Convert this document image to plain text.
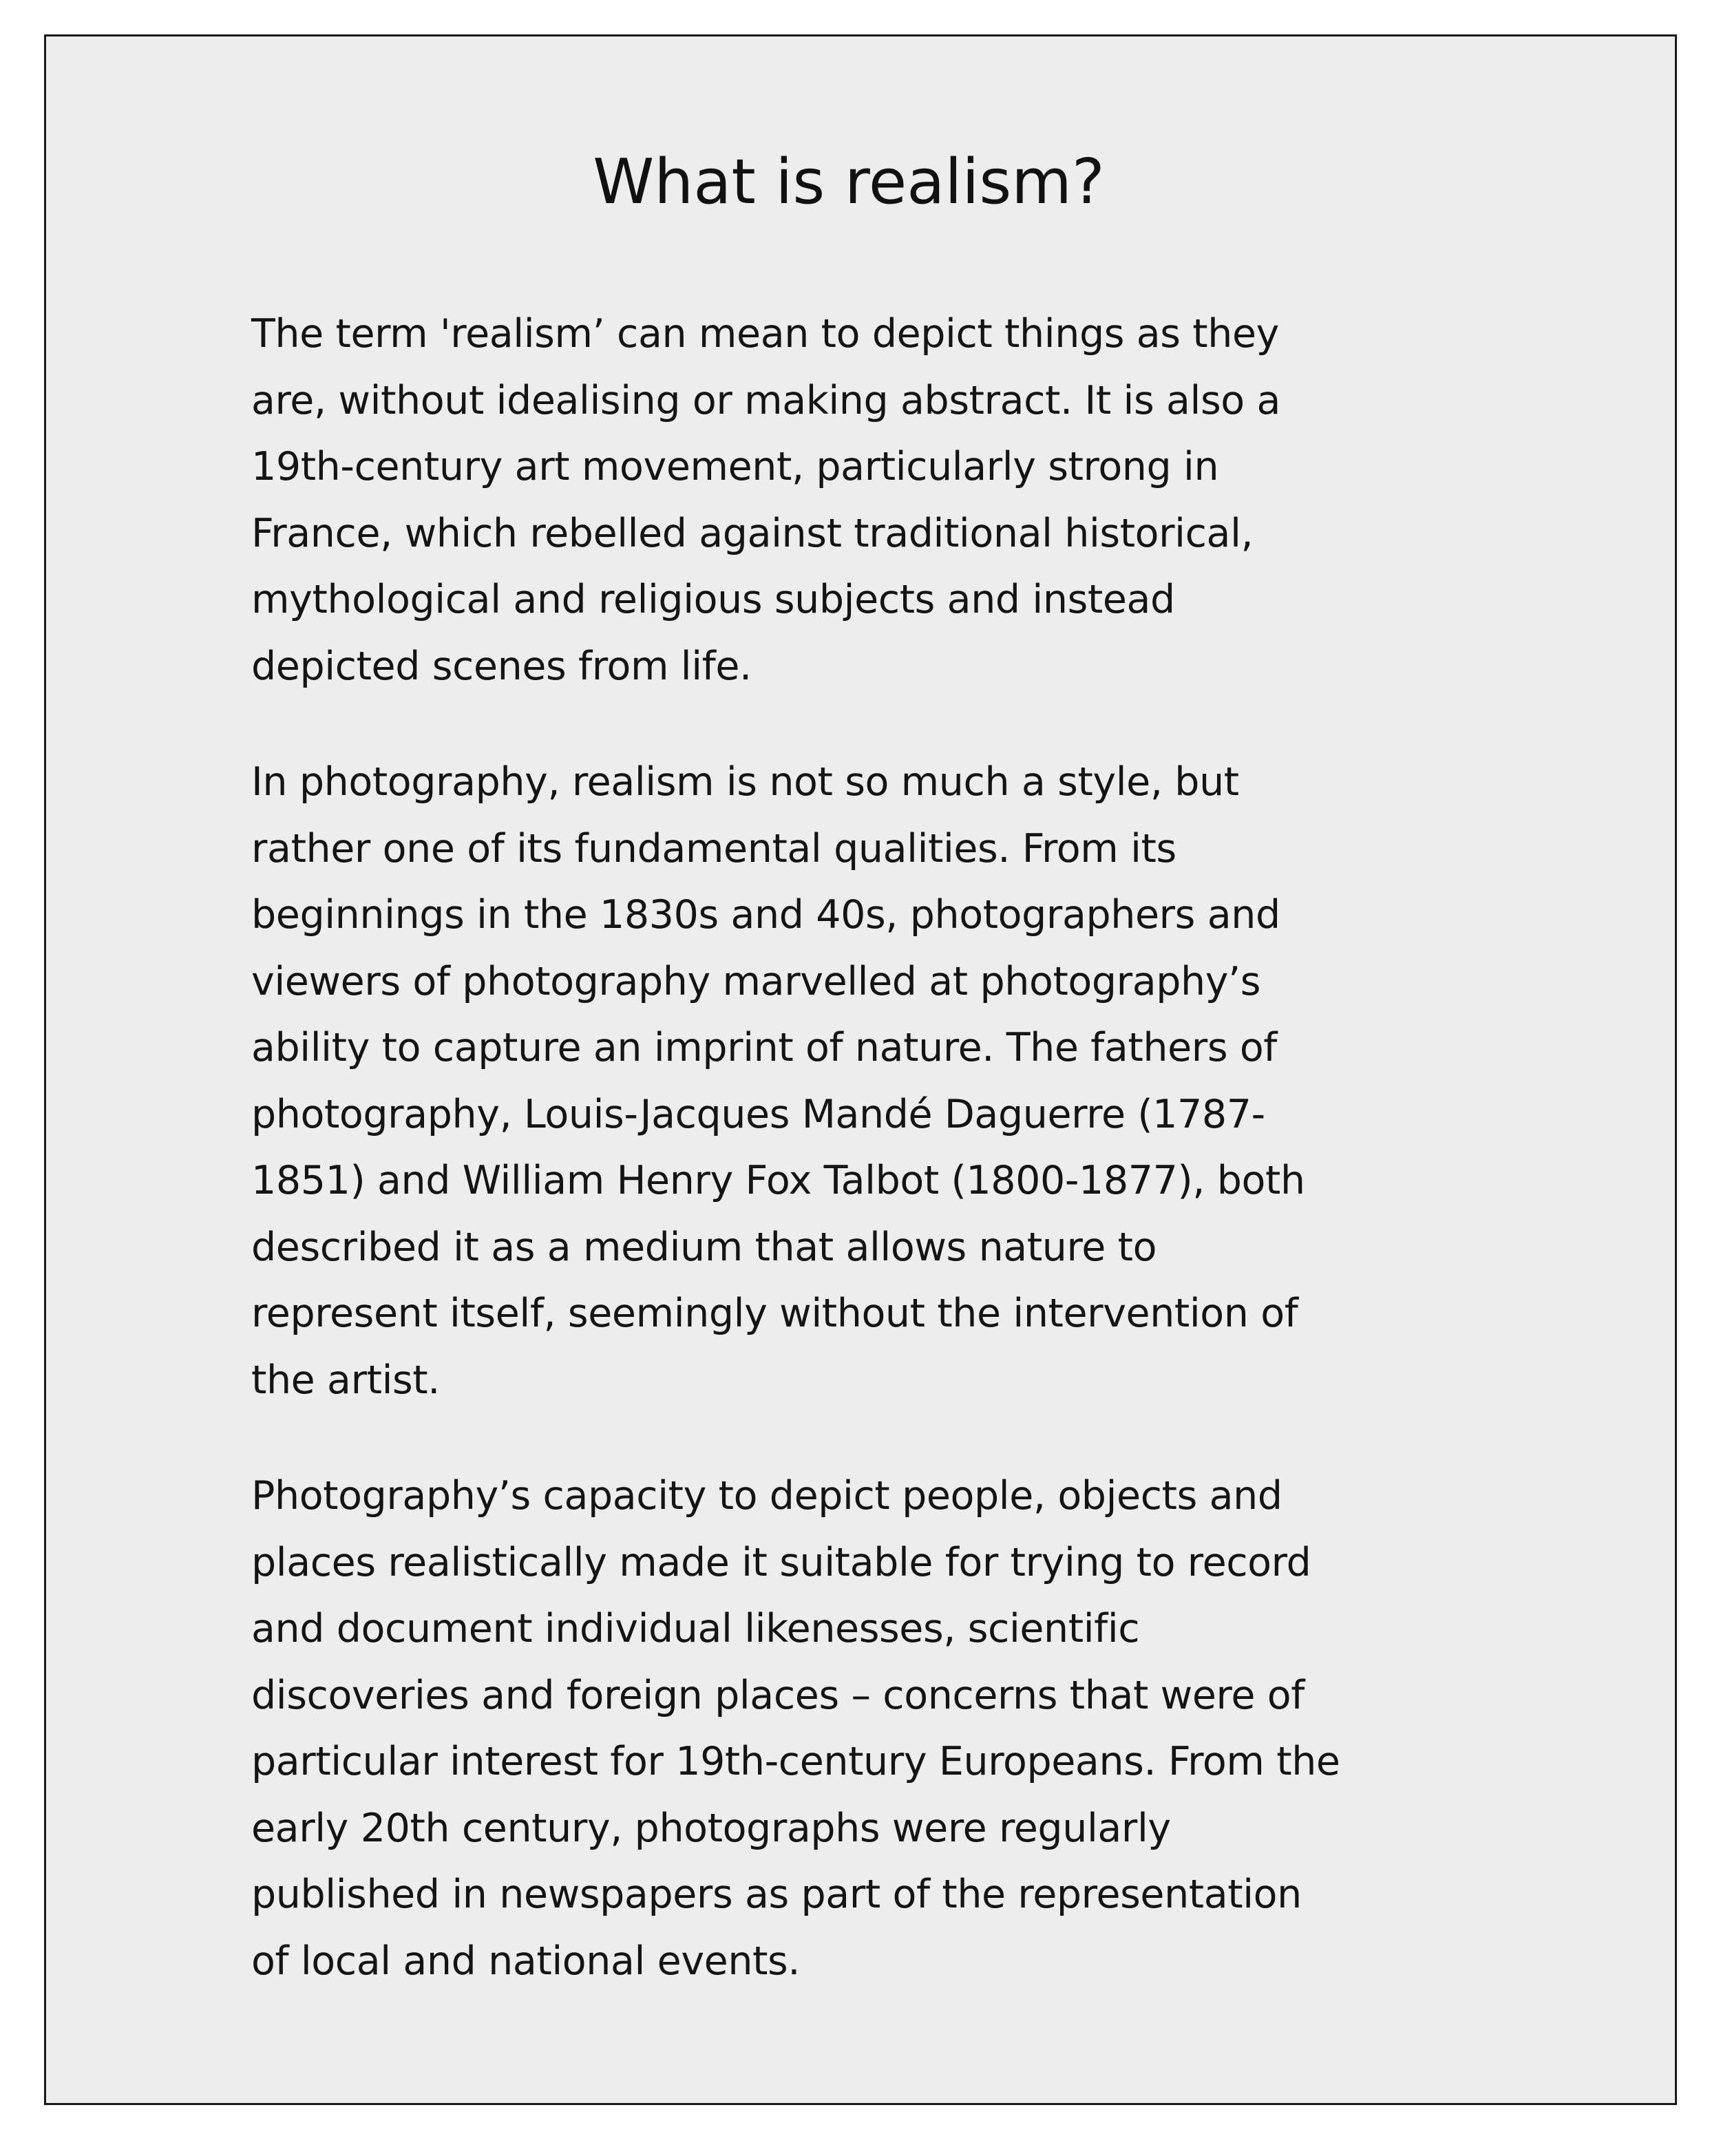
What is realism?

The term 'realism’ can mean to depict things as they
are, without idealising or making abstract. It is also a
19th-century art movement, particularly strong in
France, which rebelled against traditional historical,
mythological and religious subjects and instead
depicted scenes from life.

In photography, realism is not so much a style, but
rather one of its fundamental qualities. From its
beginnings in the 1830s and 40s, photographers and
viewers of photography marvelled at photography’s
ability to capture an imprint of nature. The fathers of
photography, Louis-Jacques Mandé Daguerre (1787-
1851) and William Henry Fox Talbot (1800-1877), both
described it as a medium that allows nature to
represent itself, seemingly without the intervention of
the artist.

Photography’s capacity to depict people, objects and
places realistically made it suitable for trying to record
and document individual likenesses, scientific
discoveries and foreign places – concerns that were of
particular interest for 19th-century Europeans. From the
early 20th century, photographs were regularly
published in newspapers as part of the representation
of local and national events.
